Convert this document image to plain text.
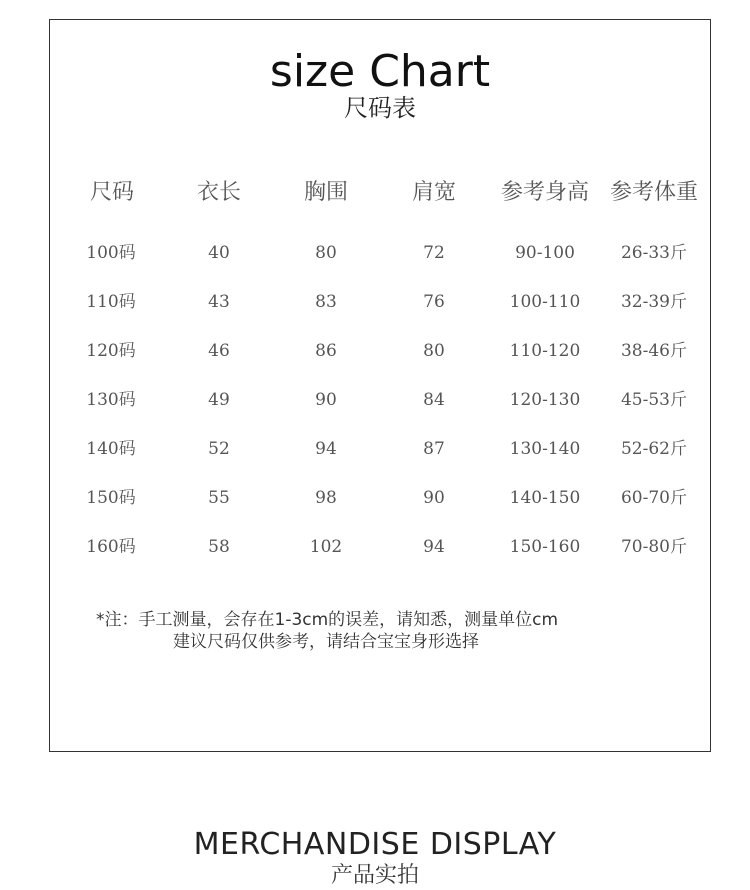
size Chart
尺码表
尺码	衣长	胸围	肩宽	参考身高 参考体重
100码	40	80	72	90-100	26-33斤
110码	43	83	76	100-110	32-39斤
120码	46	86	80	110-120	38-46斤
130码	49	90	84	120-130	45-53斤
140码	52	94	87	130-140	52-62斤
150码	55	98	90	140-150	60-70斤
160码	58	102	94	150-160	70-80斤
*注：手工测量，会存在1-3cm的误差，请知悉，测量单位cm
建议尺码仅供参考，请结合宝宝身形选择
MERCHANDISE DISPLAY
产品实拍
